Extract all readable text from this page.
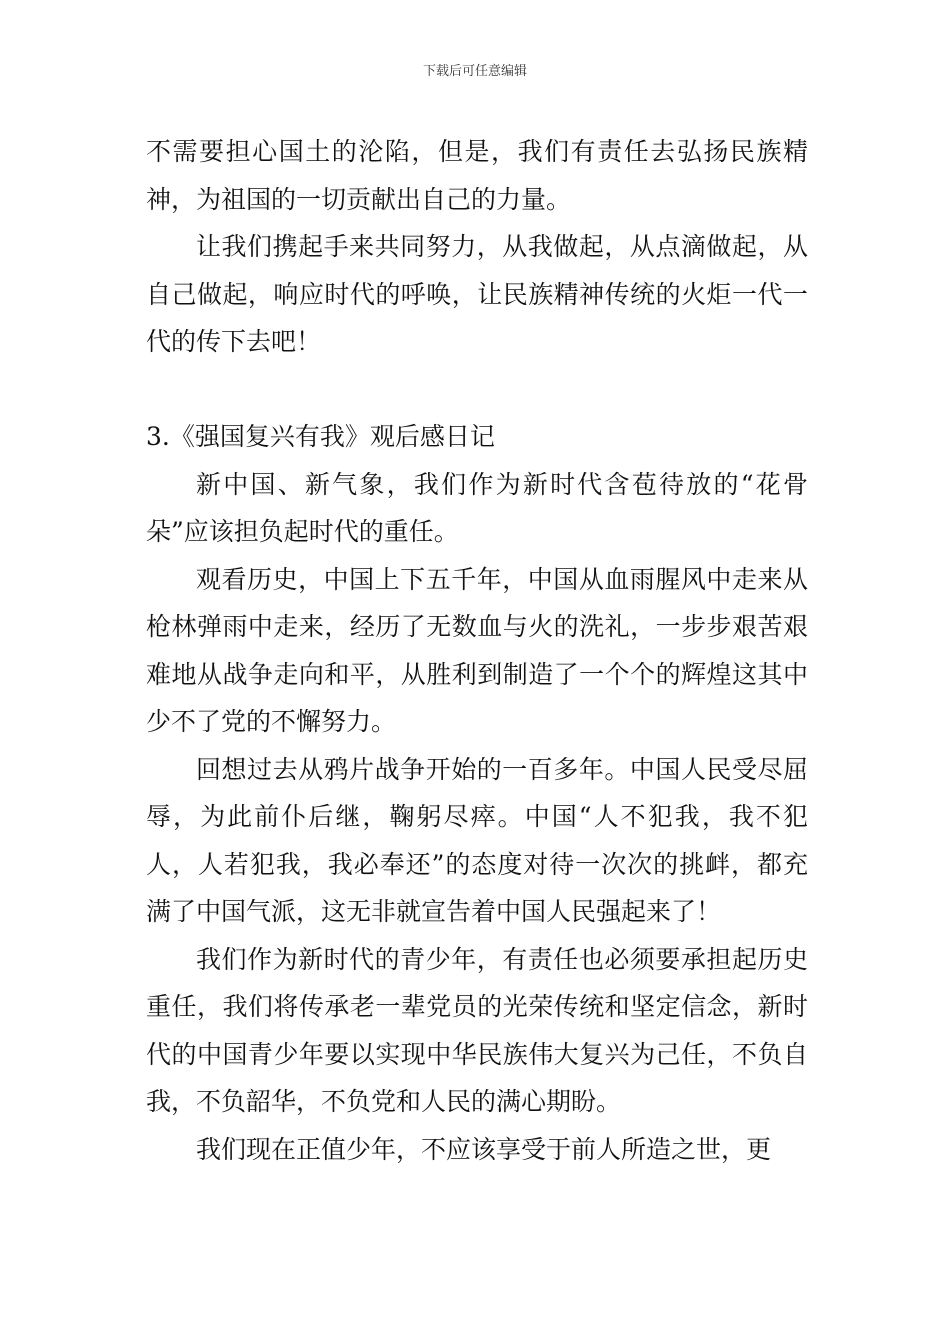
下载后可任意编辑

不需要担心国土的沦陷，但是，我们有责任去弘扬民族精神，为祖国的一切贡献出自己的力量。

让我们携起手来共同努力，从我做起，从点滴做起，从自己做起，响应时代的呼唤，让民族精神传统的火炬一代一代的传下去吧！

3.《强国复兴有我》观后感日记

新中国、新气象，我们作为新时代含苞待放的“花骨朵”应该担负起时代的重任。

观看历史，中国上下五千年，中国从血雨腥风中走来从枪林弹雨中走来，经历了无数血与火的洗礼，一步步艰苦艰难地从战争走向和平，从胜利到制造了一个个的辉煌这其中少不了党的不懈努力。

回想过去从鸦片战争开始的一百多年。中国人民受尽屈辱，为此前仆后继，鞠躬尽瘁。中国“人不犯我，我不犯人，人若犯我，我必奉还”的态度对待一次次的挑衅，都充满了中国气派，这无非就宣告着中国人民强起来了！

我们作为新时代的青少年，有责任也必须要承担起历史重任，我们将传承老一辈党员的光荣传统和坚定信念，新时代的中国青少年要以实现中华民族伟大复兴为己任，不负自我，不负韶华，不负党和人民的满心期盼。

我们现在正值少年，不应该享受于前人所造之世，更
